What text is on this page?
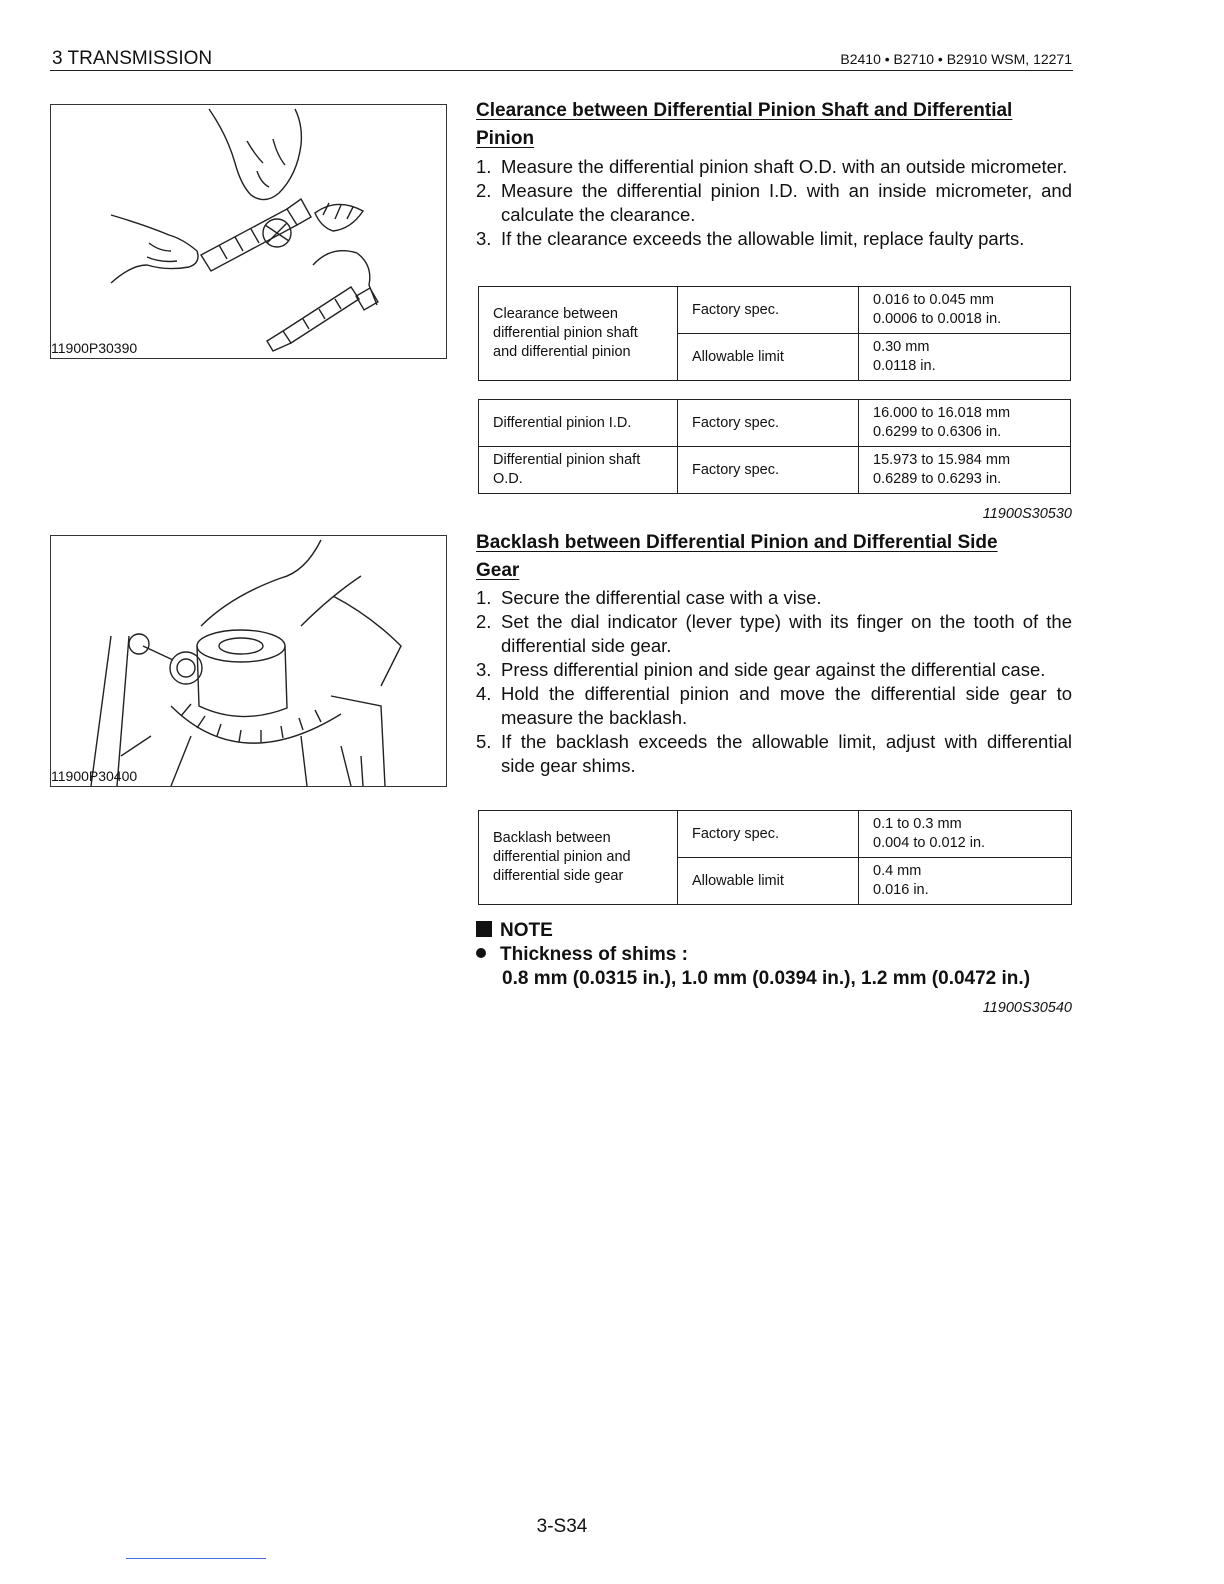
3 TRANSMISSION	B2410 • B2710 • B2910 WSM, 12271
11900P30390
11900P30400
Clearance between Differential Pinion Shaft and Differential
Pinion
1. Measure the differential pinion shaft O.D. with an outside micrometer.
2. Measure the differential pinion I.D. with an inside micrometer, and calculate the clearance.
3. If the clearance exceeds the allowable limit, replace faulty parts.
Clearance between differential pinion shaft and differential pinion	Factory spec.	0.016 to 0.045 mm
0.0006 to 0.0018 in.
	Allowable limit	0.30 mm
0.0118 in.
Differential pinion I.D.	Factory spec.	16.000 to 16.018 mm
0.6299 to 0.6306 in.
Differential pinion shaft O.D.	Factory spec.	15.973 to 15.984 mm
0.6289 to 0.6293 in.
11900S30530
Backlash between Differential Pinion and Differential Side
Gear
1. Secure the differential case with a vise.
2. Set the dial indicator (lever type) with its finger on the tooth of the differential side gear.
3. Press differential pinion and side gear against the differential case.
4. Hold the differential pinion and move the differential side gear to measure the backlash.
5. If the backlash exceeds the allowable limit, adjust with differential side gear shims.
Backlash between differential pinion and differential side gear	Factory spec.	0.1 to 0.3 mm
0.004 to 0.012 in.
	Allowable limit	0.4 mm
0.016 in.
NOTE
Thickness of shims :
0.8 mm (0.0315 in.), 1.0 mm (0.0394 in.), 1.2 mm (0.0472 in.)
11900S30540
3-S34
